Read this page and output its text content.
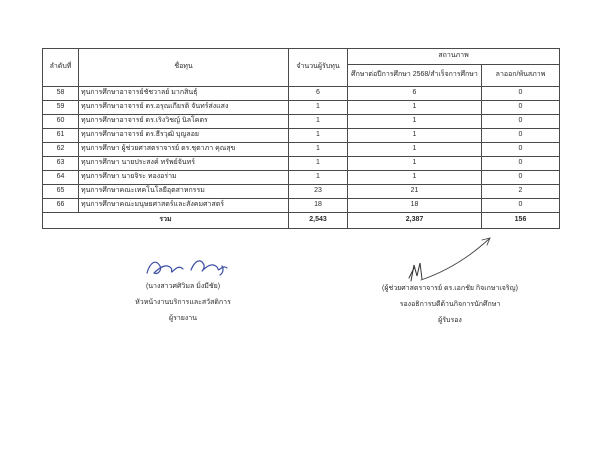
ลำดับที่	ชื่อทุน	จำนวนผู้รับทุน	สถานภาพ	
			ศึกษาต่อปีการศึกษา 2568/สำเร็จการศึกษา	ลาออก/พ้นสภาพ
58	ทุนการศึกษาอาจารย์ชัชวาลย์ มากสินธุ์	6	6	0
59	ทุนการศึกษาอาจารย์ ดร.อรุณเกียรติ จันทร์ส่งแสง	1	1	0
60	ทุนการศึกษาอาจารย์ ดร.เริงวิชญ์ นิลโคตร	1	1	0
61	ทุนการศึกษาอาจารย์ ดร.ธีรวุฒิ บุญลอย	1	1	0
62	ทุนการศึกษา ผู้ช่วยศาสตราจารย์ ดร.ชุตาภา คุณสุข	1	1	0
63	ทุนการศึกษา นายประสงค์ ทรัพย์จันทร์	1	1	0
64	ทุนการศึกษา นายจิระ ทองอร่าม	1	1	0
65	ทุนการศึกษาคณะเทคโนโลยีอุตสาหกรรม	23	21	2
66	ทุนการศึกษาคณะมนุษยศาสตร์และสังคมศาสตร์	18	18	0
รวม		2,543	2,387	156
(นางสาวศศิวิมล มิ่งมีชัย)
หัวหน้างานบริการและสวัสดิการ
ผู้รายงาน
(ผู้ช่วยศาสตราจารย์ ดร.เอกชัย กิจเกษาเจริญ)
รองอธิการบดีด้านกิจการนักศึกษา
ผู้รับรอง
